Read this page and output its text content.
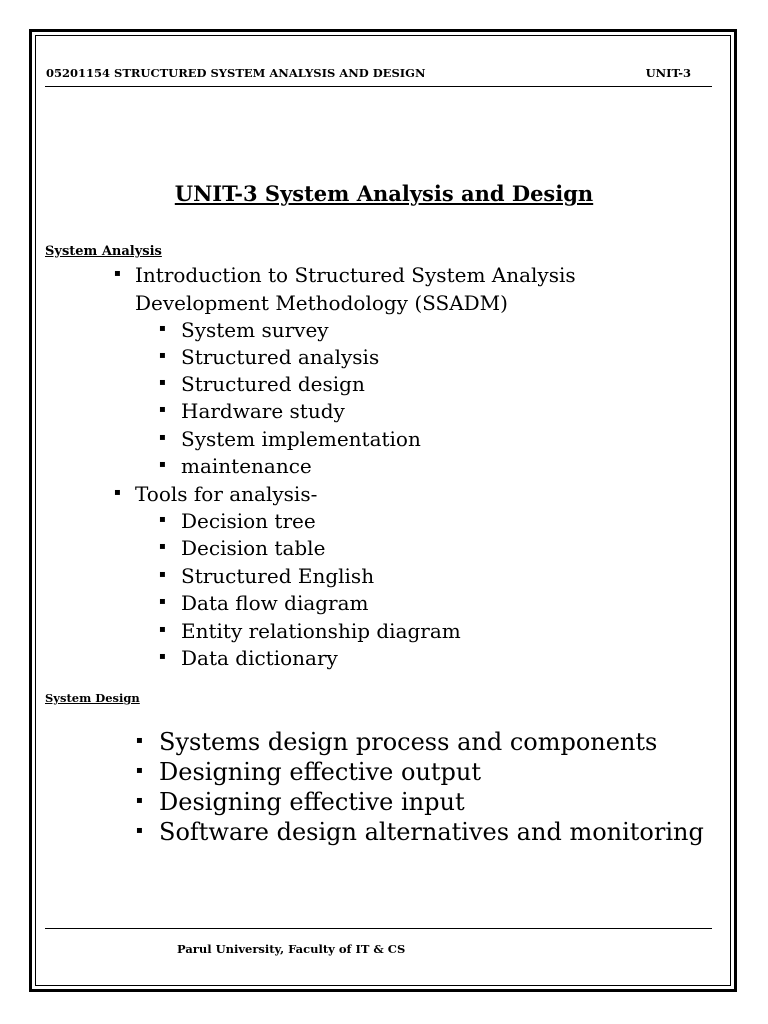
05201154 STRUCTURED SYSTEM ANALYSIS AND DESIGN	UNIT-3
UNIT-3 System Analysis and Design
System Analysis
▪ Introduction to Structured System Analysis
Development Methodology (SSADM)
▪ System survey
▪ Structured analysis
▪ Structured design
▪ Hardware study
▪ System implementation
▪ maintenance
▪ Tools for analysis-
▪ Decision tree
▪ Decision table
▪ Structured English
▪ Data flow diagram
▪ Entity relationship diagram
▪ Data dictionary
System Design
▪ Systems design process and components
▪ Designing effective output
▪ Designing effective input
▪ Software design alternatives and monitoring
Parul University, Faculty of IT & CS
